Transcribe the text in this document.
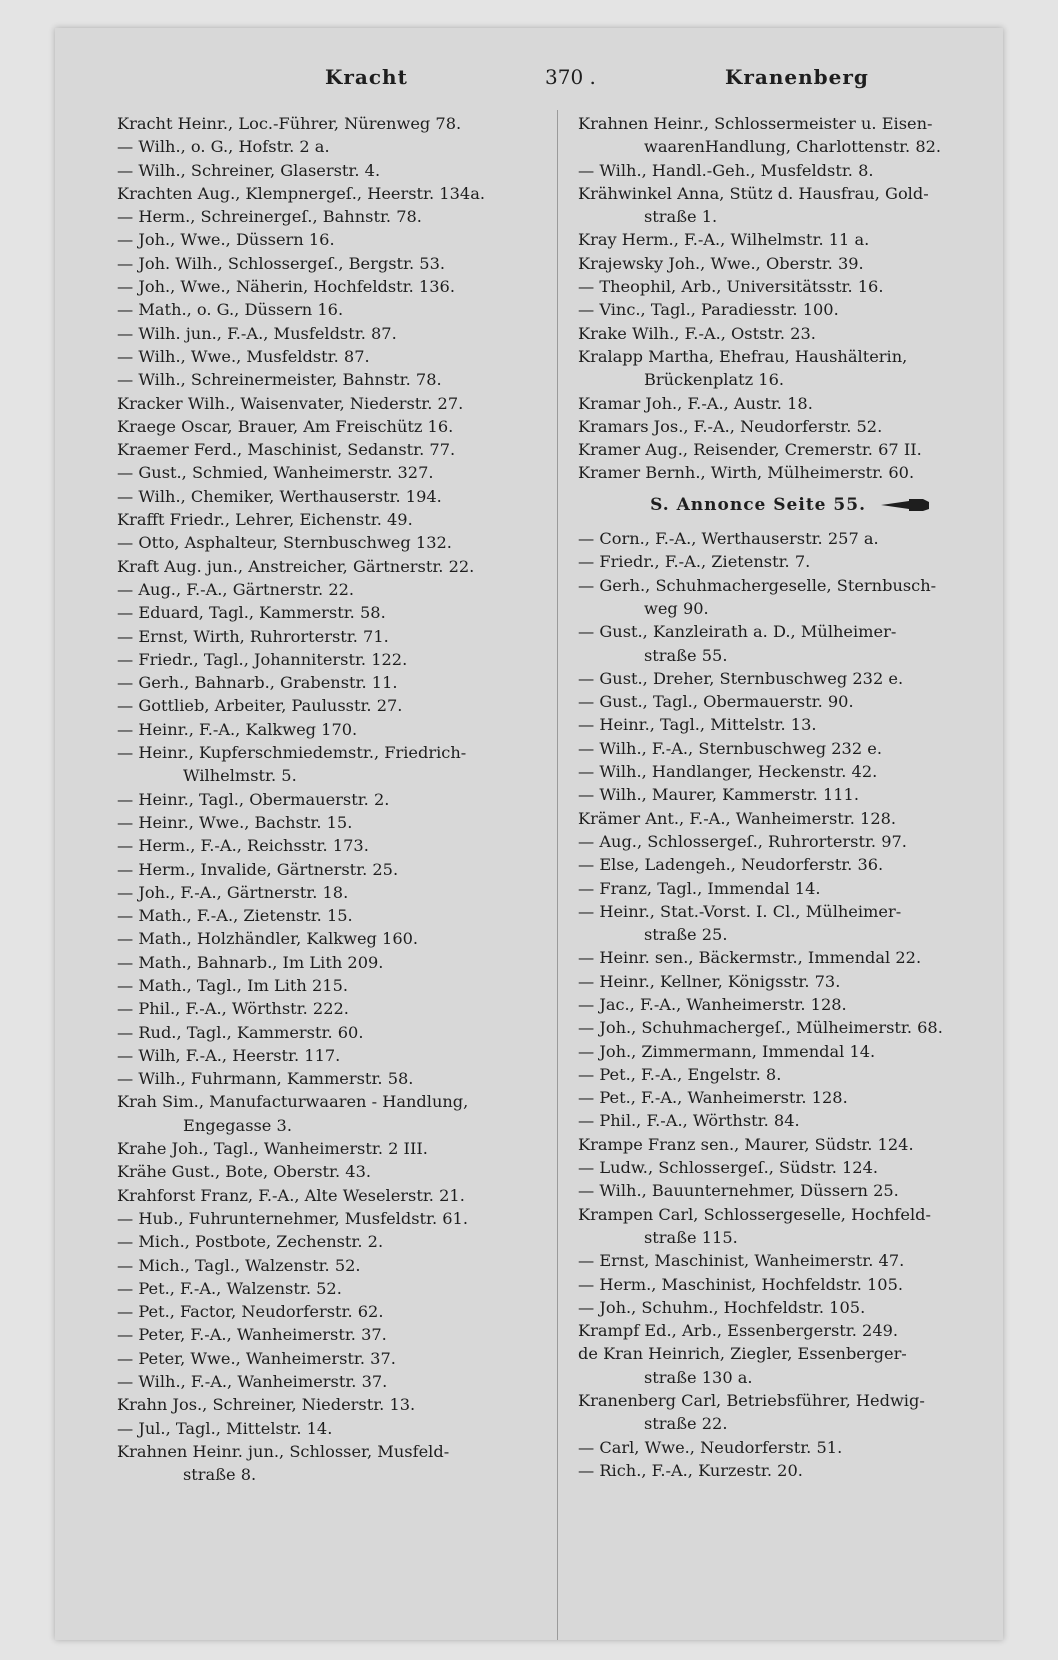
Kracht	370 .	Kranenberg
Kracht Heinr., Loc.-Führer, Nürenweg 78.
— Wilh., o. G., Hofstr. 2 a.
— Wilh., Schreiner, Glaserstr. 4.
Krachten Aug., Klempnergeſ., Heerstr. 134a.
— Herm., Schreinergeſ., Bahnstr. 78.
— Joh., Wwe., Düssern 16.
— Joh. Wilh., Schlossergeſ., Bergstr. 53.
— Joh., Wwe., Näherin, Hochfeldstr. 136.
— Math., o. G., Düssern 16.
— Wilh. jun., F.-A., Musfeldstr. 87.
— Wilh., Wwe., Musfeldstr. 87.
— Wilh., Schreinermeister, Bahnstr. 78.
Kracker Wilh., Waisenvater, Niederstr. 27.
Kraege Oscar, Brauer, Am Freischütz 16.
Kraemer Ferd., Maschinist, Sedanstr. 77.
— Gust., Schmied, Wanheimerstr. 327.
— Wilh., Chemiker, Werthauserstr. 194.
Krafft Friedr., Lehrer, Eichenstr. 49.
— Otto, Asphalteur, Sternbuschweg 132.
Kraft Aug. jun., Anstreicher, Gärtnerstr. 22.
— Aug., F.-A., Gärtnerstr. 22.
— Eduard, Tagl., Kammerstr. 58.
— Ernst, Wirth, Ruhrorterstr. 71.
— Friedr., Tagl., Johanniterstr. 122.
— Gerh., Bahnarb., Grabenstr. 11.
— Gottlieb, Arbeiter, Paulusstr. 27.
— Heinr., F.-A., Kalkweg 170.
— Heinr., Kupferschmiedemstr., Friedrich-
Wilhelmstr. 5.
— Heinr., Tagl., Obermauerstr. 2.
— Heinr., Wwe., Bachstr. 15.
— Herm., F.-A., Reichsstr. 173.
— Herm., Invalide, Gärtnerstr. 25.
— Joh., F.-A., Gärtnerstr. 18.
— Math., F.-A., Zietenstr. 15.
— Math., Holzhändler, Kalkweg 160.
— Math., Bahnarb., Im Lith 209.
— Math., Tagl., Im Lith 215.
— Phil., F.-A., Wörthstr. 222.
— Rud., Tagl., Kammerstr. 60.
— Wilh, F.-A., Heerstr. 117.
— Wilh., Fuhrmann, Kammerstr. 58.
Krah Sim., Manufacturwaaren - Handlung,
Engegasse 3.
Krahe Joh., Tagl., Wanheimerstr. 2 III.
Krähe Gust., Bote, Oberstr. 43.
Krahforst Franz, F.-A., Alte Weselerstr. 21.
— Hub., Fuhrunternehmer, Musfeldstr. 61.
— Mich., Postbote, Zechenstr. 2.
— Mich., Tagl., Walzenstr. 52.
— Pet., F.-A., Walzenstr. 52.
— Pet., Factor, Neudorferstr. 62.
— Peter, F.-A., Wanheimerstr. 37.
— Peter, Wwe., Wanheimerstr. 37.
— Wilh., F.-A., Wanheimerstr. 37.
Krahn Jos., Schreiner, Niederstr. 13.
— Jul., Tagl., Mittelstr. 14.
Krahnen Heinr. jun., Schlosser, Musfeld-
straße 8.
Krahnen Heinr., Schlossermeister u. Eisen-
waarenHandlung, Charlottenstr. 82.
— Wilh., Handl.-Geh., Musfeldstr. 8.
Krähwinkel Anna, Stütz d. Hausfrau, Gold-
straße 1.
Kray Herm., F.-A., Wilhelmstr. 11 a.
Krajewsky Joh., Wwe., Oberstr. 39.
— Theophil, Arb., Universitätsstr. 16.
— Vinc., Tagl., Paradiesstr. 100.
Krake Wilh., F.-A., Oststr. 23.
Kralapp Martha, Ehefrau, Haushälterin,
Brückenplatz 16.
Kramar Joh., F.-A., Austr. 18.
Kramars Jos., F.-A., Neudorferstr. 52.
Kramer Aug., Reisender, Cremerstr. 67 II.
Kramer Bernh., Wirth, Mülheimerstr. 60.
S. Annonce Seite 55.
— Corn., F.-A., Werthauserstr. 257 a.
— Friedr., F.-A., Zietenstr. 7.
— Gerh., Schuhmachergeselle, Sternbusch-
weg 90.
— Gust., Kanzleirath a. D., Mülheimer-
straße 55.
— Gust., Dreher, Sternbuschweg 232 e.
— Gust., Tagl., Obermauerstr. 90.
— Heinr., Tagl., Mittelstr. 13.
— Wilh., F.-A., Sternbuschweg 232 e.
— Wilh., Handlanger, Heckenstr. 42.
— Wilh., Maurer, Kammerstr. 111.
Krämer Ant., F.-A., Wanheimerstr. 128.
— Aug., Schlossergeſ., Ruhrorterstr. 97.
— Else, Ladengeh., Neudorferstr. 36.
— Franz, Tagl., Immendal 14.
— Heinr., Stat.-Vorst. I. Cl., Mülheimer-
straße 25.
— Heinr. sen., Bäckermstr., Immendal 22.
— Heinr., Kellner, Königsstr. 73.
— Jac., F.-A., Wanheimerstr. 128.
— Joh., Schuhmachergeſ., Mülheimerstr. 68.
— Joh., Zimmermann, Immendal 14.
— Pet., F.-A., Engelstr. 8.
— Pet., F.-A., Wanheimerstr. 128.
— Phil., F.-A., Wörthstr. 84.
Krampe Franz sen., Maurer, Südstr. 124.
— Ludw., Schlossergeſ., Südstr. 124.
— Wilh., Bauunternehmer, Düssern 25.
Krampen Carl, Schlossergeselle, Hochfeld-
straße 115.
— Ernst, Maschinist, Wanheimerstr. 47.
— Herm., Maschinist, Hochfeldstr. 105.
— Joh., Schuhm., Hochfeldstr. 105.
Krampf Ed., Arb., Essenbergerstr. 249.
de Kran Heinrich, Ziegler, Essenberger-
straße 130 a.
Kranenberg Carl, Betriebsführer, Hedwig-
straße 22.
— Carl, Wwe., Neudorferstr. 51.
— Rich., F.-A., Kurzestr. 20.
